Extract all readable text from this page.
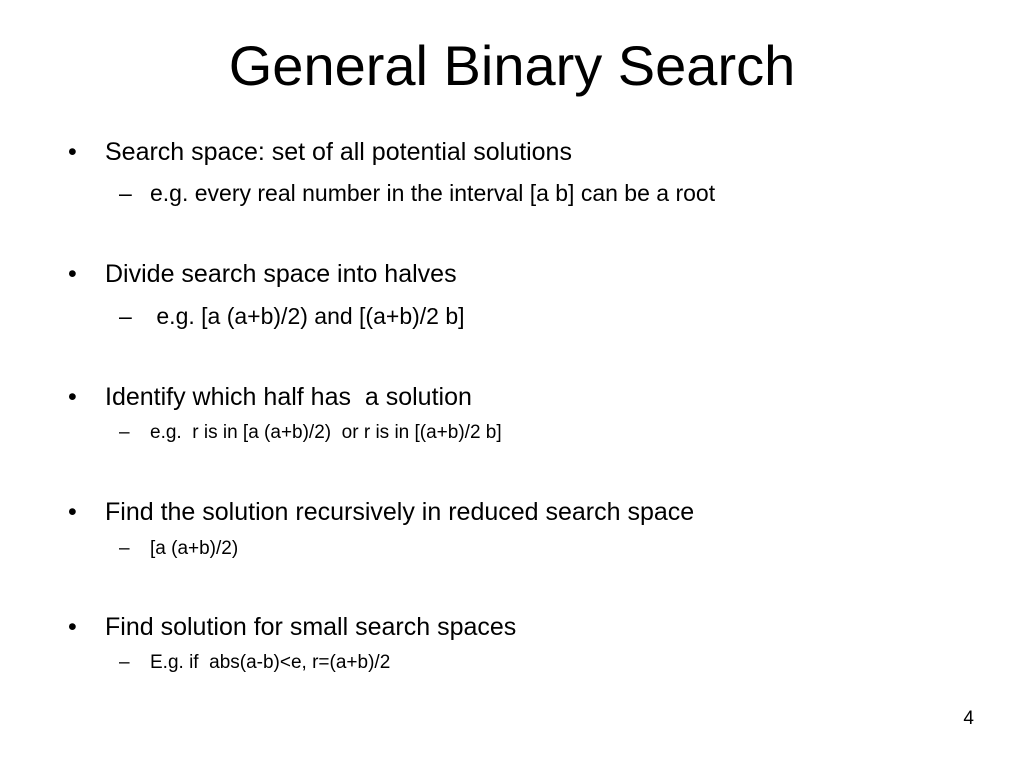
General Binary Search
• Search space: set of all potential solutions
– e.g. every real number in the interval [a b] can be a root
• Divide search space into halves
– e.g. [a (a+b)/2) and [(a+b)/2 b]
• Identify which half has  a solution
– e.g.  r is in [a (a+b)/2)  or r is in [(a+b)/2 b]
• Find the solution recursively in reduced search space
– [a (a+b)/2)
• Find solution for small search spaces
– E.g. if  abs(a-b)<e, r=(a+b)/2
4
